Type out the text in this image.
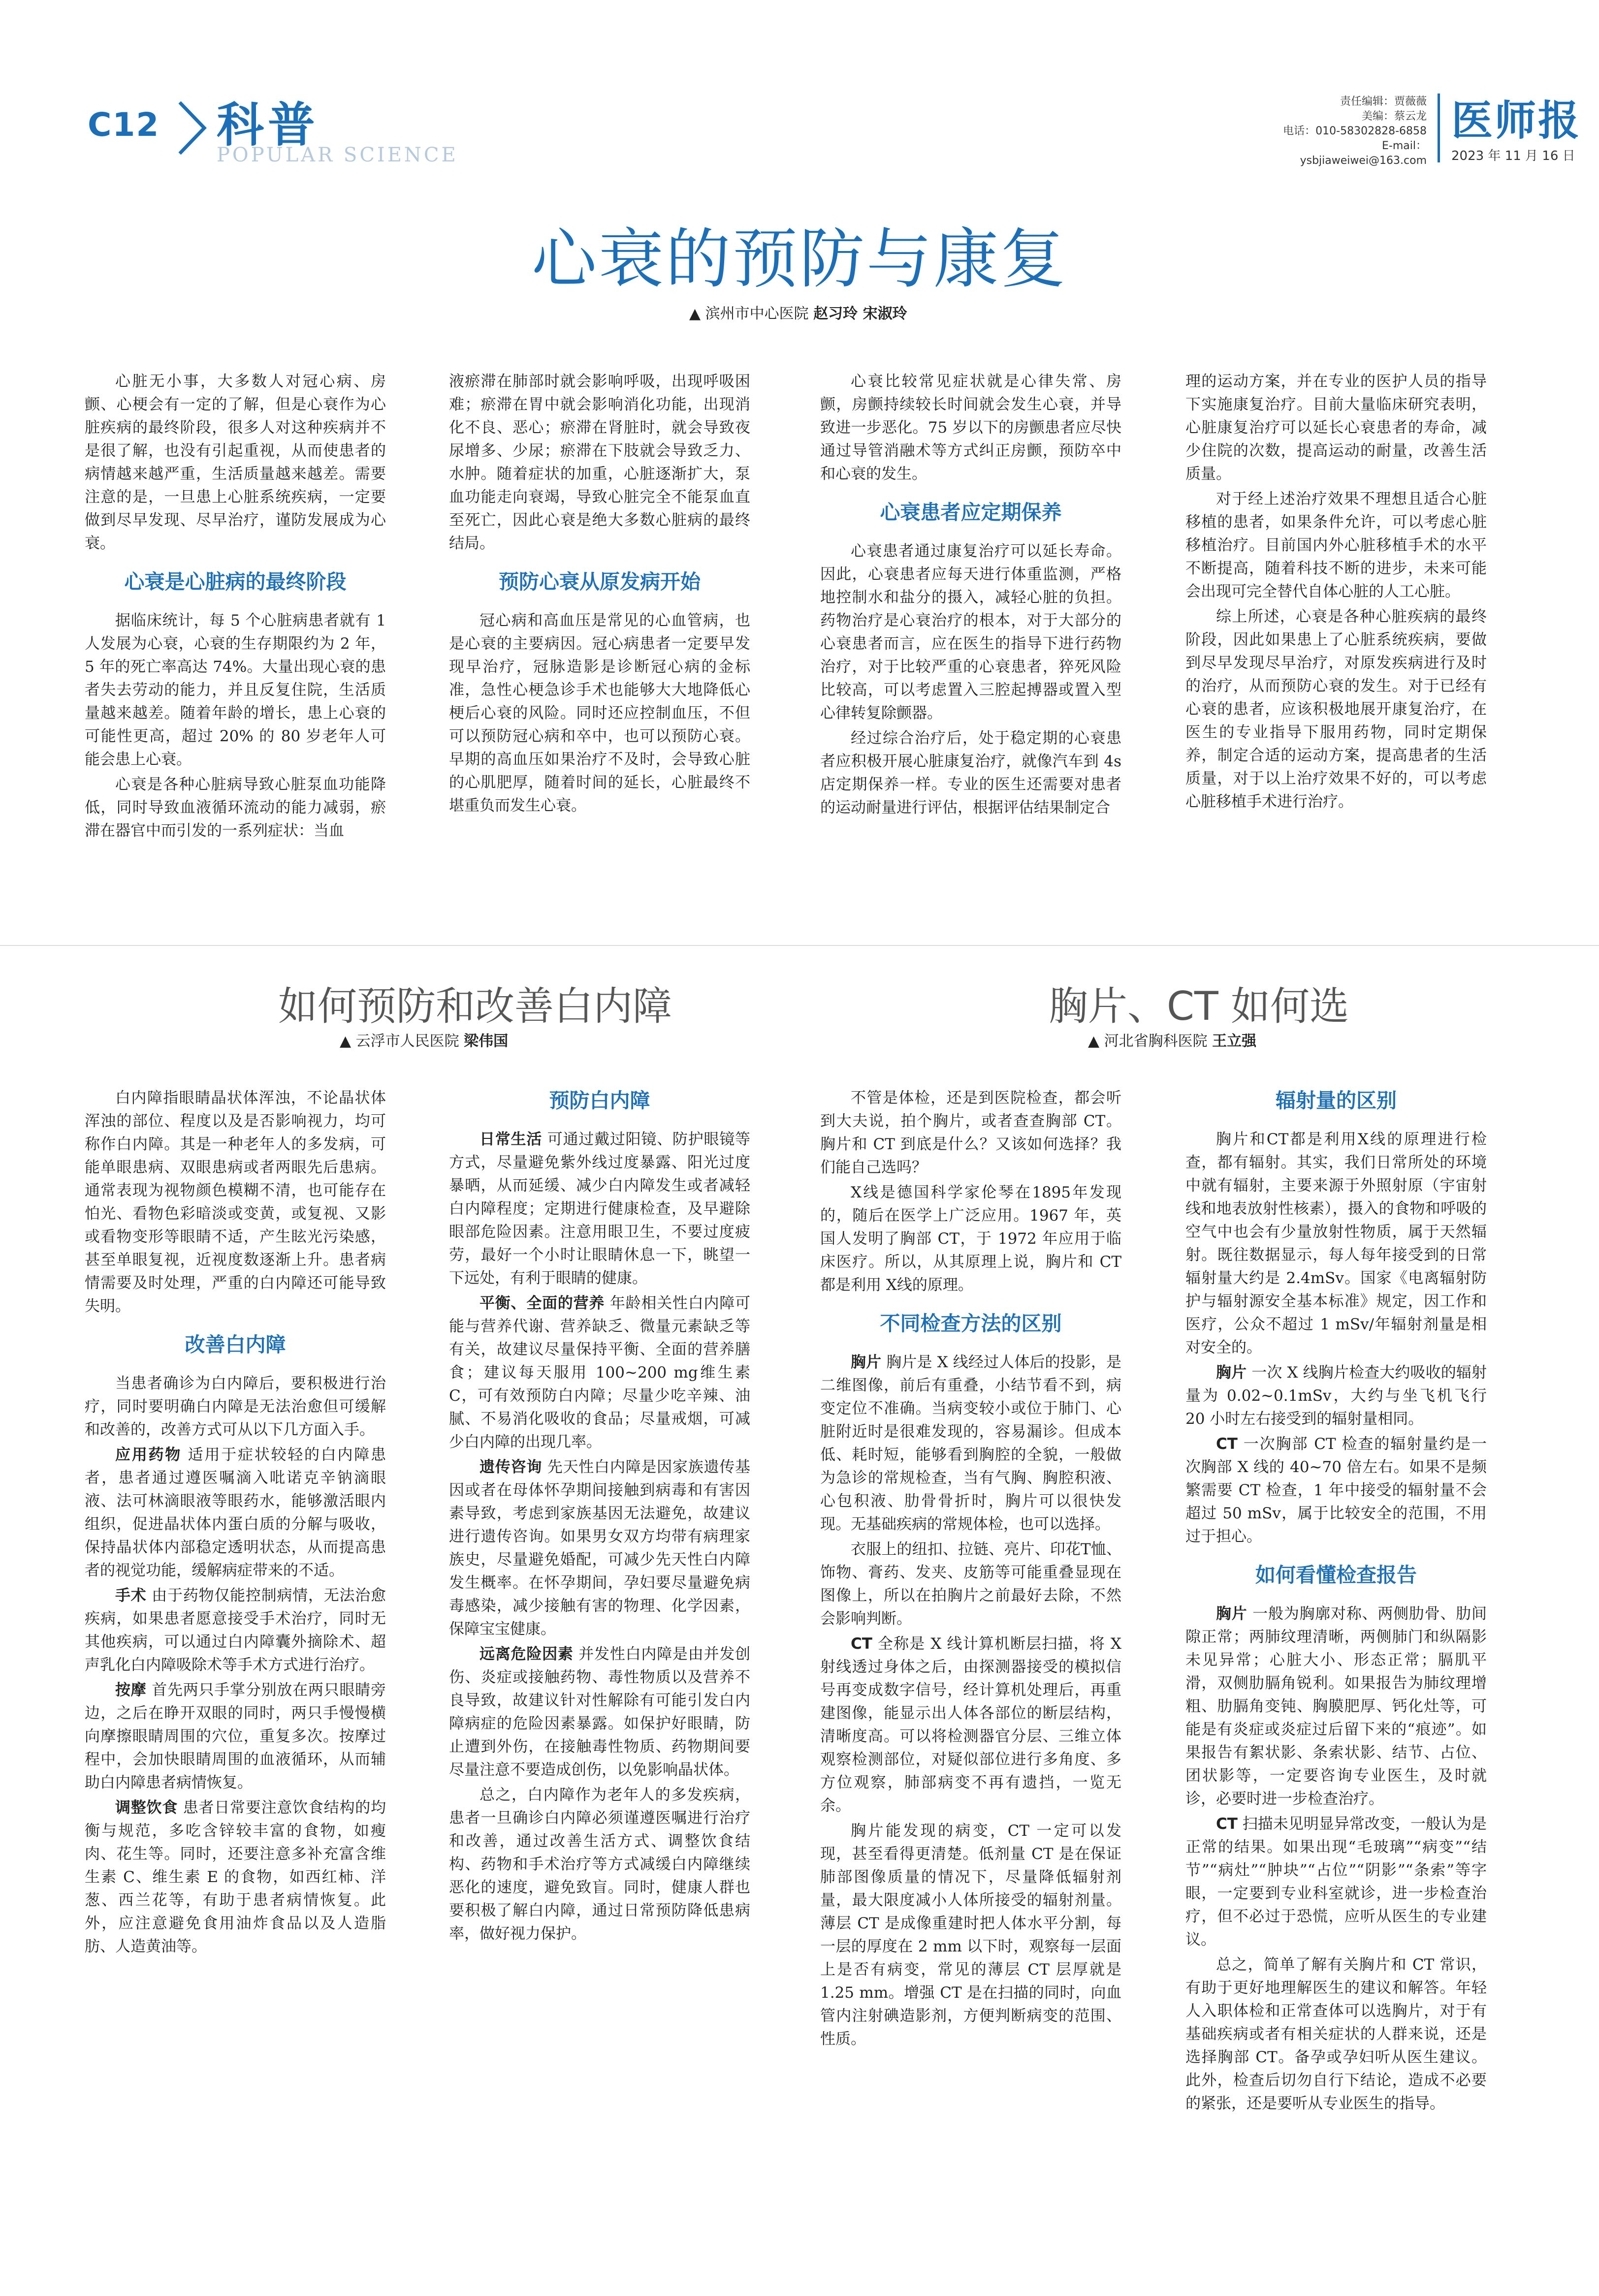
C12 科普
POPULAR SCIENCE
责任编辑：贾薇薇
美编：蔡云龙
电话：010-58302828-6858
E-mail：ysbjiaweiwei@163.com
医师报
2023 年 11 月 16 日
心衰的预防与康复
▲ 滨州市中心医院 赵习玲 宋淑玲

心脏无小事，大多数人对冠心病、房颤、心梗会有一定的了解，但是心衰作为心脏疾病的最终阶段，很多人对这种疾病并不是很了解，也没有引起重视，从而使患者的病情越来越严重，生活质量越来越差。需要注意的是，一旦患上心脏系统疾病，一定要做到尽早发现、尽早治疗，谨防发展成为心衰。

心衰是心脏病的最终阶段

据临床统计，每 5 个心脏病患者就有 1 人发展为心衰，心衰的生存期限约为 2 年，5 年的死亡率高达 74%。大量出现心衰的患者失去劳动的能力，并且反复住院，生活质量越来越差。随着年龄的增长，患上心衰的可能性更高，超过 20% 的 80 岁老年人可能会患上心衰。

心衰是各种心脏病导致心脏泵血功能降低，同时导致血液循环流动的能力减弱，瘀滞在器官中而引发的一系列症状：当血

液瘀滞在肺部时就会影响呼吸，出现呼吸困难；瘀滞在胃中就会影响消化功能，出现消化不良、恶心；瘀滞在肾脏时，就会导致夜尿增多、少尿；瘀滞在下肢就会导致乏力、水肿。随着症状的加重，心脏逐渐扩大，泵血功能走向衰竭，导致心脏完全不能泵血直至死亡，因此心衰是绝大多数心脏病的最终结局。

预防心衰从原发病开始

冠心病和高血压是常见的心血管病，也是心衰的主要病因。冠心病患者一定要早发现早治疗，冠脉造影是诊断冠心病的金标准，急性心梗急诊手术也能够大大地降低心梗后心衰的风险。同时还应控制血压，不但可以预防冠心病和卒中，也可以预防心衰。早期的高血压如果治疗不及时，会导致心脏的心肌肥厚，随着时间的延长，心脏最终不堪重负而发生心衰。

心衰比较常见症状就是心律失常、房颤，房颤持续较长时间就会发生心衰，并导致进一步恶化。75 岁以下的房颤患者应尽快通过导管消融术等方式纠正房颤，预防卒中和心衰的发生。

心衰患者应定期保养

心衰患者通过康复治疗可以延长寿命。因此，心衰患者应每天进行体重监测，严格地控制水和盐分的摄入，减轻心脏的负担。药物治疗是心衰治疗的根本，对于大部分的心衰患者而言，应在医生的指导下进行药物治疗，对于比较严重的心衰患者，猝死风险比较高，可以考虑置入三腔起搏器或置入型心律转复除颤器。

经过综合治疗后，处于稳定期的心衰患者应积极开展心脏康复治疗，就像汽车到 4s 店定期保养一样。专业的医生还需要对患者的运动耐量进行评估，根据评估结果制定合

理的运动方案，并在专业的医护人员的指导下实施康复治疗。目前大量临床研究表明，心脏康复治疗可以延长心衰患者的寿命，减少住院的次数，提高运动的耐量，改善生活质量。

对于经上述治疗效果不理想且适合心脏移植的患者，如果条件允许，可以考虑心脏移植治疗。目前国内外心脏移植手术的水平不断提高，随着科技不断的进步，未来可能会出现可完全替代自体心脏的人工心脏。

综上所述，心衰是各种心脏疾病的最终阶段，因此如果患上了心脏系统疾病，要做到尽早发现尽早治疗，对原发疾病进行及时的治疗，从而预防心衰的发生。对于已经有心衰的患者，应该积极地展开康复治疗，在医生的专业指导下服用药物，同时定期保养，制定合适的运动方案，提高患者的生活质量，对于以上治疗效果不好的，可以考虑心脏移植手术进行治疗。

如何预防和改善白内障
▲ 云浮市人民医院 梁伟国

白内障指眼睛晶状体浑浊，不论晶状体浑浊的部位、程度以及是否影响视力，均可称作白内障。其是一种老年人的多发病，可能单眼患病、双眼患病或者两眼先后患病。通常表现为视物颜色模糊不清，也可能存在怕光、看物色彩暗淡或变黄，或复视、又影或看物变形等眼睛不适，产生眩光污染感，甚至单眼复视，近视度数逐渐上升。患者病情需要及时处理，严重的白内障还可能导致失明。

改善白内障

当患者确诊为白内障后，要积极进行治疗，同时要明确白内障是无法治愈但可缓解和改善的，改善方式可从以下几方面入手。

应用药物 适用于症状较轻的白内障患者，患者通过遵医嘱滴入吡诺克辛钠滴眼液、法可林滴眼液等眼药水，能够激活眼内组织，促进晶状体内蛋白质的分解与吸收，保持晶状体内部稳定透明状态，从而提高患者的视觉功能，缓解病症带来的不适。

手术 由于药物仅能控制病情，无法治愈疾病，如果患者愿意接受手术治疗，同时无其他疾病，可以通过白内障囊外摘除术、超声乳化白内障吸除术等手术方式进行治疗。

按摩 首先两只手掌分别放在两只眼睛旁边，之后在睁开双眼的同时，两只手慢慢横向摩擦眼睛周围的穴位，重复多次。按摩过程中，会加快眼睛周围的血液循环，从而辅助白内障患者病情恢复。

调整饮食 患者日常要注意饮食结构的均衡与规范，多吃含锌较丰富的食物，如瘦肉、花生等。同时，还要注意多补充富含维生素 C、维生素 E 的食物，如西红柿、洋葱、西兰花等，有助于患者病情恢复。此外，应注意避免食用油炸食品以及人造脂肪、人造黄油等。

预防白内障

日常生活 可通过戴过阳镜、防护眼镜等方式，尽量避免紫外线过度暴露、阳光过度暴晒，从而延缓、减少白内障发生或者减轻白内障程度；定期进行健康检查，及早避除眼部危险因素。注意用眼卫生，不要过度疲劳，最好一个小时让眼睛休息一下，眺望一下远处，有利于眼睛的健康。

平衡、全面的营养 年龄相关性白内障可能与营养代谢、营养缺乏、微量元素缺乏等有关，故建议尽量保持平衡、全面的营养膳食；建议每天服用 100~200 mg维生素 C，可有效预防白内障；尽量少吃辛辣、油腻、不易消化吸收的食品；尽量戒烟，可减少白内障的出现几率。

遗传咨询 先天性白内障是因家族遗传基因或者在母体怀孕期间接触到病毒和有害因素导致，考虑到家族基因无法避免，故建议进行遗传咨询。如果男女双方均带有病理家族史，尽量避免婚配，可减少先天性白内障发生概率。在怀孕期间，孕妇要尽量避免病毒感染，减少接触有害的物理、化学因素，保障宝宝健康。

远离危险因素 并发性白内障是由并发创伤、炎症或接触药物、毒性物质以及营养不良导致，故建议针对性解除有可能引发白内障病症的危险因素暴露。如保护好眼睛，防止遭到外伤，在接触毒性物质、药物期间要尽量注意不要造成创伤，以免影响晶状体。

总之，白内障作为老年人的多发疾病，患者一旦确诊白内障必须谨遵医嘱进行治疗和改善，通过改善生活方式、调整饮食结构、药物和手术治疗等方式减缓白内障继续恶化的速度，避免致盲。同时，健康人群也要积极了解白内障，通过日常预防降低患病率，做好视力保护。

胸片、CT 如何选
▲ 河北省胸科医院 王立强

不管是体检，还是到医院检查，都会听到大夫说，拍个胸片，或者查查胸部 CT。胸片和 CT 到底是什么？又该如何选择？我们能自己选吗？

X线是德国科学家伦琴在1895年发现的，随后在医学上广泛应用。1967 年，英国人发明了胸部 CT，于 1972 年应用于临床医疗。所以，从其原理上说，胸片和 CT 都是利用 X线的原理。

不同检查方法的区别

胸片 胸片是 X 线经过人体后的投影，是二维图像，前后有重叠，小结节看不到，病变定位不准确。当病变较小或位于肺门、心脏附近时是很难发现的，容易漏诊。但成本低、耗时短，能够看到胸腔的全貌，一般做为急诊的常规检查，当有气胸、胸腔积液、心包积液、肋骨骨折时，胸片可以很快发现。无基础疾病的常规体检，也可以选择。

衣服上的纽扣、拉链、亮片、印花T恤、饰物、膏药、发夹、皮筋等可能重叠显现在图像上，所以在拍胸片之前最好去除，不然会影响判断。

CT 全称是 X 线计算机断层扫描，将 X 射线透过身体之后，由探测器接受的模拟信号再变成数字信号，经计算机处理后，再重建图像，能显示出人体各部位的断层结构，清晰度高。可以将检测器官分层、三维立体观察检测部位，对疑似部位进行多角度、多方位观察，肺部病变不再有遗挡，一览无余。

胸片能发现的病变，CT 一定可以发现，甚至看得更清楚。低剂量 CT 是在保证肺部图像质量的情况下，尽量降低辐射剂量，最大限度减小人体所接受的辐射剂量。薄层 CT 是成像重建时把人体水平分割，每一层的厚度在 2 mm 以下时，观察每一层面上是否有病变，常见的薄层 CT 层厚就是 1.25 mm。增强 CT 是在扫描的同时，向血管内注射碘造影剂，方便判断病变的范围、性质。

辐射量的区别

胸片和CT都是利用X线的原理进行检查，都有辐射。其实，我们日常所处的环境中就有辐射，主要来源于外照射原（宇宙射线和地表放射性核素），摄入的食物和呼吸的空气中也会有少量放射性物质，属于天然辐射。既往数据显示，每人每年接受到的日常辐射量大约是 2.4mSv。国家《电离辐射防护与辐射源安全基本标准》规定，因工作和医疗，公众不超过 1 mSv/年辐射剂量是相对安全的。

胸片 一次 X 线胸片检查大约吸收的辐射量为 0.02~0.1mSv，大约与坐飞机飞行 20 小时左右接受到的辐射量相同。

CT 一次胸部 CT 检查的辐射量约是一次胸部 X 线的 40~70 倍左右。如果不是频繁需要 CT 检查，1 年中接受的辐射量不会超过 50 mSv，属于比较安全的范围，不用过于担心。

如何看懂检查报告

胸片 一般为胸廓对称、两侧肋骨、肋间隙正常；两肺纹理清晰，两侧肺门和纵隔影未见异常；心脏大小、形态正常；膈肌平滑，双侧肋膈角锐利。如果报告为肺纹理增粗、肋膈角变钝、胸膜肥厚、钙化灶等，可能是有炎症或炎症过后留下来的“痕迹”。如果报告有絮状影、条索状影、结节、占位、团状影等，一定要咨询专业医生，及时就诊，必要时进一步检查治疗。

CT 扫描未见明显异常改变，一般认为是正常的结果。如果出现“毛玻璃”“病变”“结节”“病灶”“肿块”“占位”“阴影”“条索”等字眼，一定要到专业科室就诊，进一步检查治疗，但不必过于恐慌，应听从医生的专业建议。

总之，简单了解有关胸片和 CT 常识，有助于更好地理解医生的建议和解答。年轻人入职体检和正常查体可以选胸片，对于有基础疾病或者有相关症状的人群来说，还是选择胸部 CT。备孕或孕妇听从医生建议。此外，检查后切勿自行下结论，造成不必要的紧张，还是要听从专业医生的指导。
